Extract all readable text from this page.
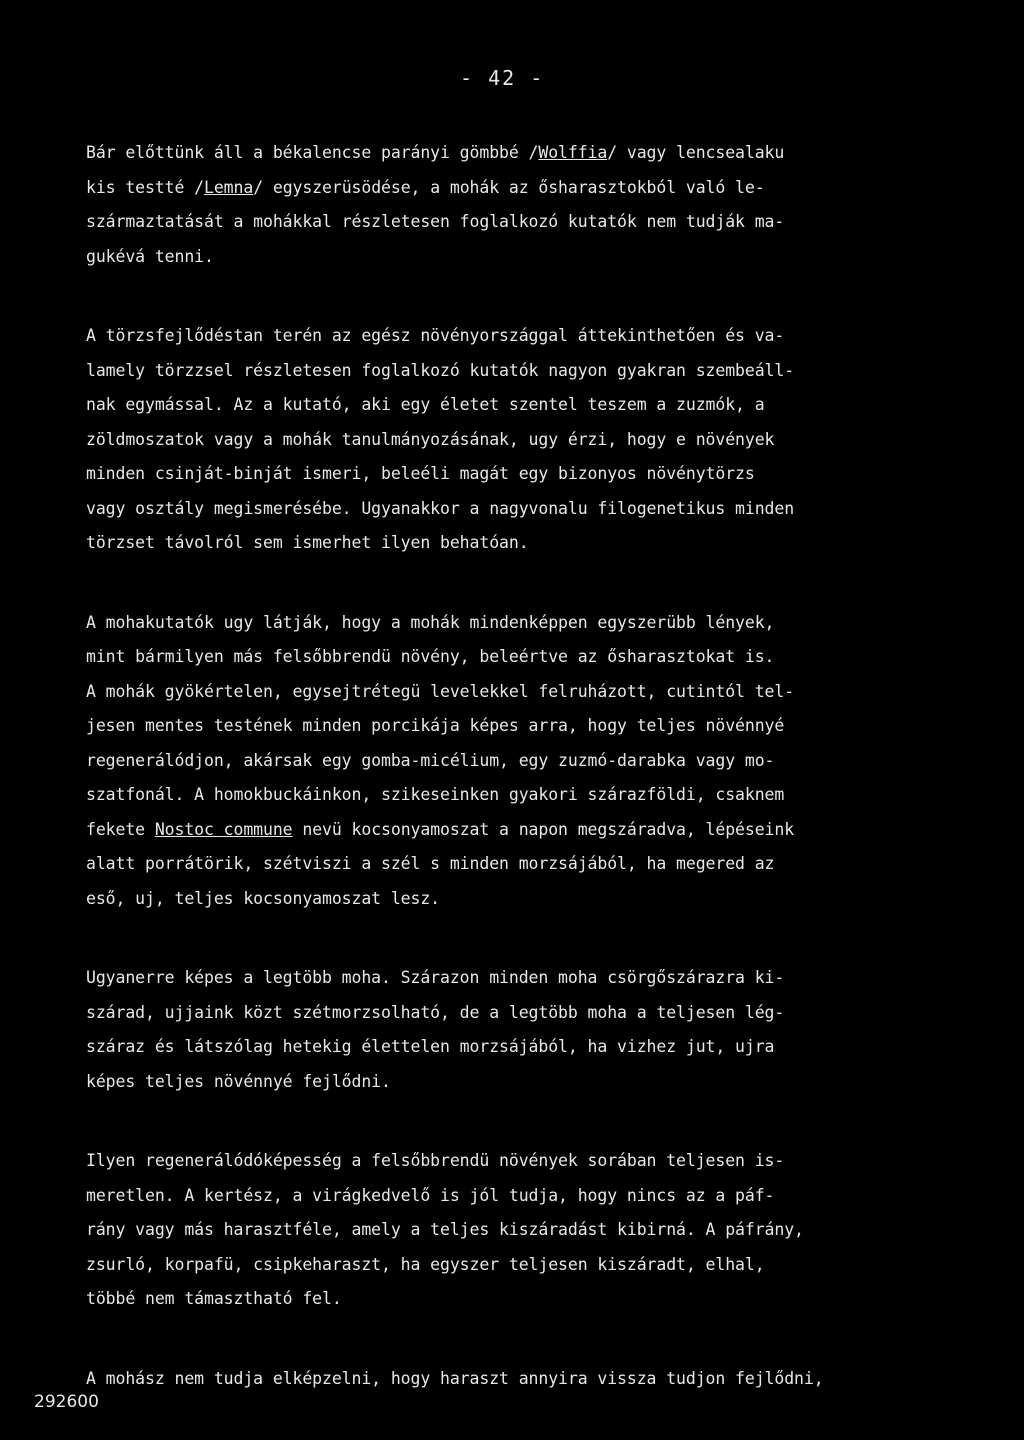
- 42 -
Bár előttünk áll a békalencse parányi gömbbé /Wolffia/ vagy lencsealaku
kis testté /Lemna/ egyszerüsödése, a mohák az ősharasztokból való le-
származtatását a mohákkal részletesen foglalkozó kutatók nem tudják ma-
gukévá tenni.
A törzsfejlődéstan terén az egész növényországgal áttekinthetően és va-
lamely törzzsel részletesen foglalkozó kutatók nagyon gyakran szembeáll-
nak egymással. Az a kutató, aki egy életet szentel teszem a zuzmók, a
zöldmoszatok vagy a mohák tanulmányozásának, ugy érzi, hogy e növények
minden csinját-binját ismeri, beleéli magát egy bizonyos növénytörzs
vagy osztály megismerésébe. Ugyanakkor a nagyvonalu filogenetikus minden
törzset távolról sem ismerhet ilyen behatóan.
A mohakutatók ugy látják, hogy a mohák mindenképpen egyszerübb lények,
mint bármilyen más felsőbbrendü növény, beleértve az ősharasztokat is.
A mohák gyökértelen, egysejtrétegü levelekkel felruházott, cutintól tel-
jesen mentes testének minden porcikája képes arra, hogy teljes növénnyé
regenerálódjon, akársak egy gomba-micélium, egy zuzmó-darabka vagy mo-
szatfonál. A homokbuckáinkon, szikeseinken gyakori szárazföldi, csaknem
fekete Nostoc commune nevü kocsonyamoszat a napon megszáradva, lépéseink
alatt porrátörik, szétviszi a szél s minden morzsájából, ha megered az
eső, uj, teljes kocsonyamoszat lesz.
Ugyanerre képes a legtöbb moha. Szárazon minden moha csörgőszárazra ki-
szárad, ujjaink közt szétmorzsolható, de a legtöbb moha a teljesen lég-
száraz és látszólag hetekig élettelen morzsájából, ha vizhez jut, ujra
képes teljes növénnyé fejlődni.
Ilyen regenerálódóképesség a felsőbbrendü növények sorában teljesen is-
meretlen. A kertész, a virágkedvelő is jól tudja, hogy nincs az a páf-
rány vagy más harasztféle, amely a teljes kiszáradást kibirná. A páfrány,
zsurló, korpafü, csipkeharaszt, ha egyszer teljesen kiszáradt, elhal,
többé nem támasztható fel.
A mohász nem tudja elképzelni, hogy haraszt annyira vissza tudjon fejlődni,
292600
